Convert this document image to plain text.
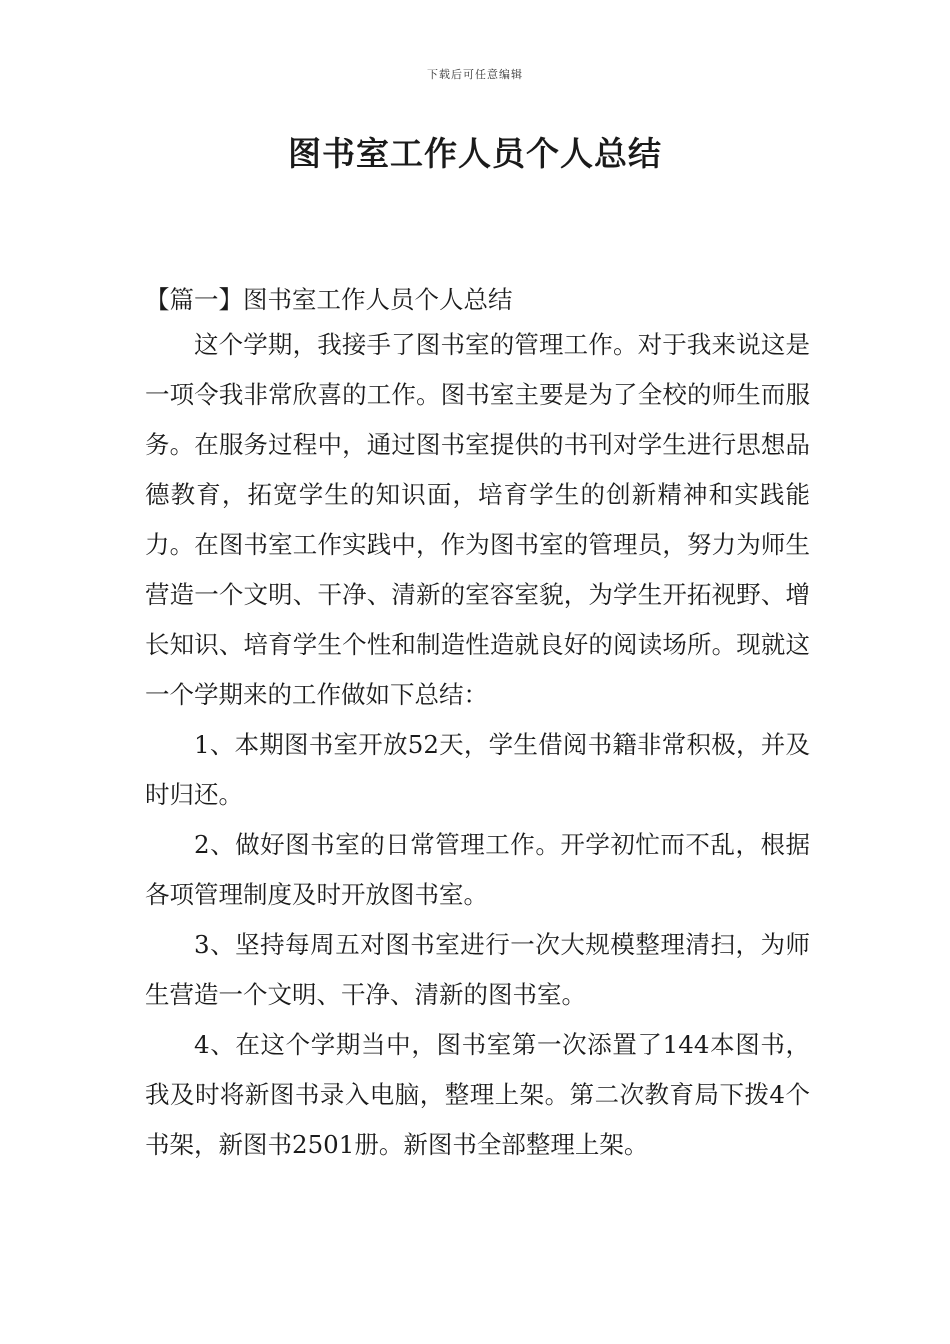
下载后可任意编辑
图书室工作人员个人总结
【篇一】图书室工作人员个人总结

这个学期，我接手了图书室的管理工作。对于我来说这是一项令我非常欣喜的工作。图书室主要是为了全校的师生而服务。在服务过程中，通过图书室提供的书刊对学生进行思想品德教育，拓宽学生的知识面，培育学生的创新精神和实践能力。在图书室工作实践中，作为图书室的管理员，努力为师生营造一个文明、干净、清新的室容室貌，为学生开拓视野、增长知识、培育学生个性和制造性造就良好的阅读场所。现就这一个学期来的工作做如下总结：

1、本期图书室开放52天，学生借阅书籍非常积极，并及时归还。

2、做好图书室的日常管理工作。开学初忙而不乱，根据各项管理制度及时开放图书室。

3、坚持每周五对图书室进行一次大规模整理清扫，为师生营造一个文明、干净、清新的图书室。

4、在这个学期当中，图书室第一次添置了144本图书，我及时将新图书录入电脑，整理上架。第二次教育局下拨4个书架，新图书2501册。新图书全部整理上架。
